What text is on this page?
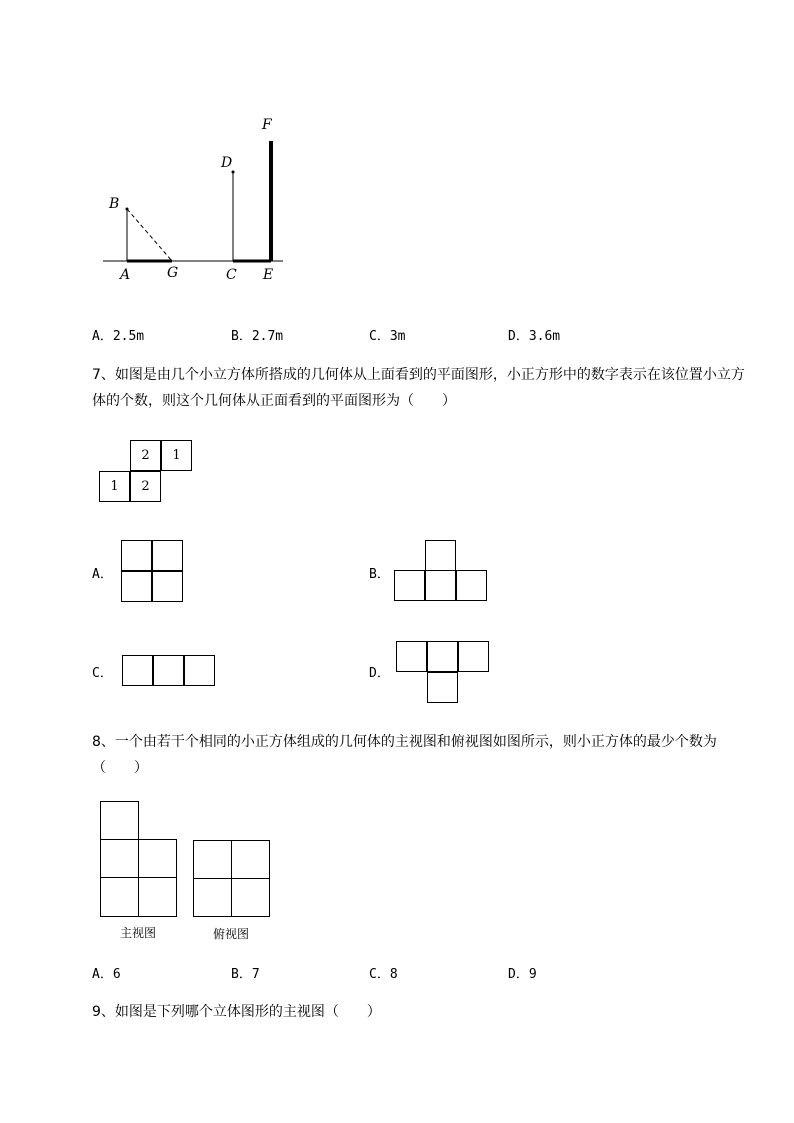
F
D
B
A	G	C E
A．2.5m	B．2.7m	C．3m	D．3.6m
7、如图是由几个小立方体所搭成的几何体从上面看到的平面图形，小正方形中的数字表示在该位置小立方体的个数，则这个几何体从正面看到的平面图形为（　　）
2	1
1	2
A．	B．
C．	D．
8、一个由若干个相同的小正方体组成的几何体的主视图和俯视图如图所示，则小正方体的最少个数为（　　）
主视图	俯视图
A．6	B．7	C．8	D．9
9、如图是下列哪个立体图形的主视图（　　）
